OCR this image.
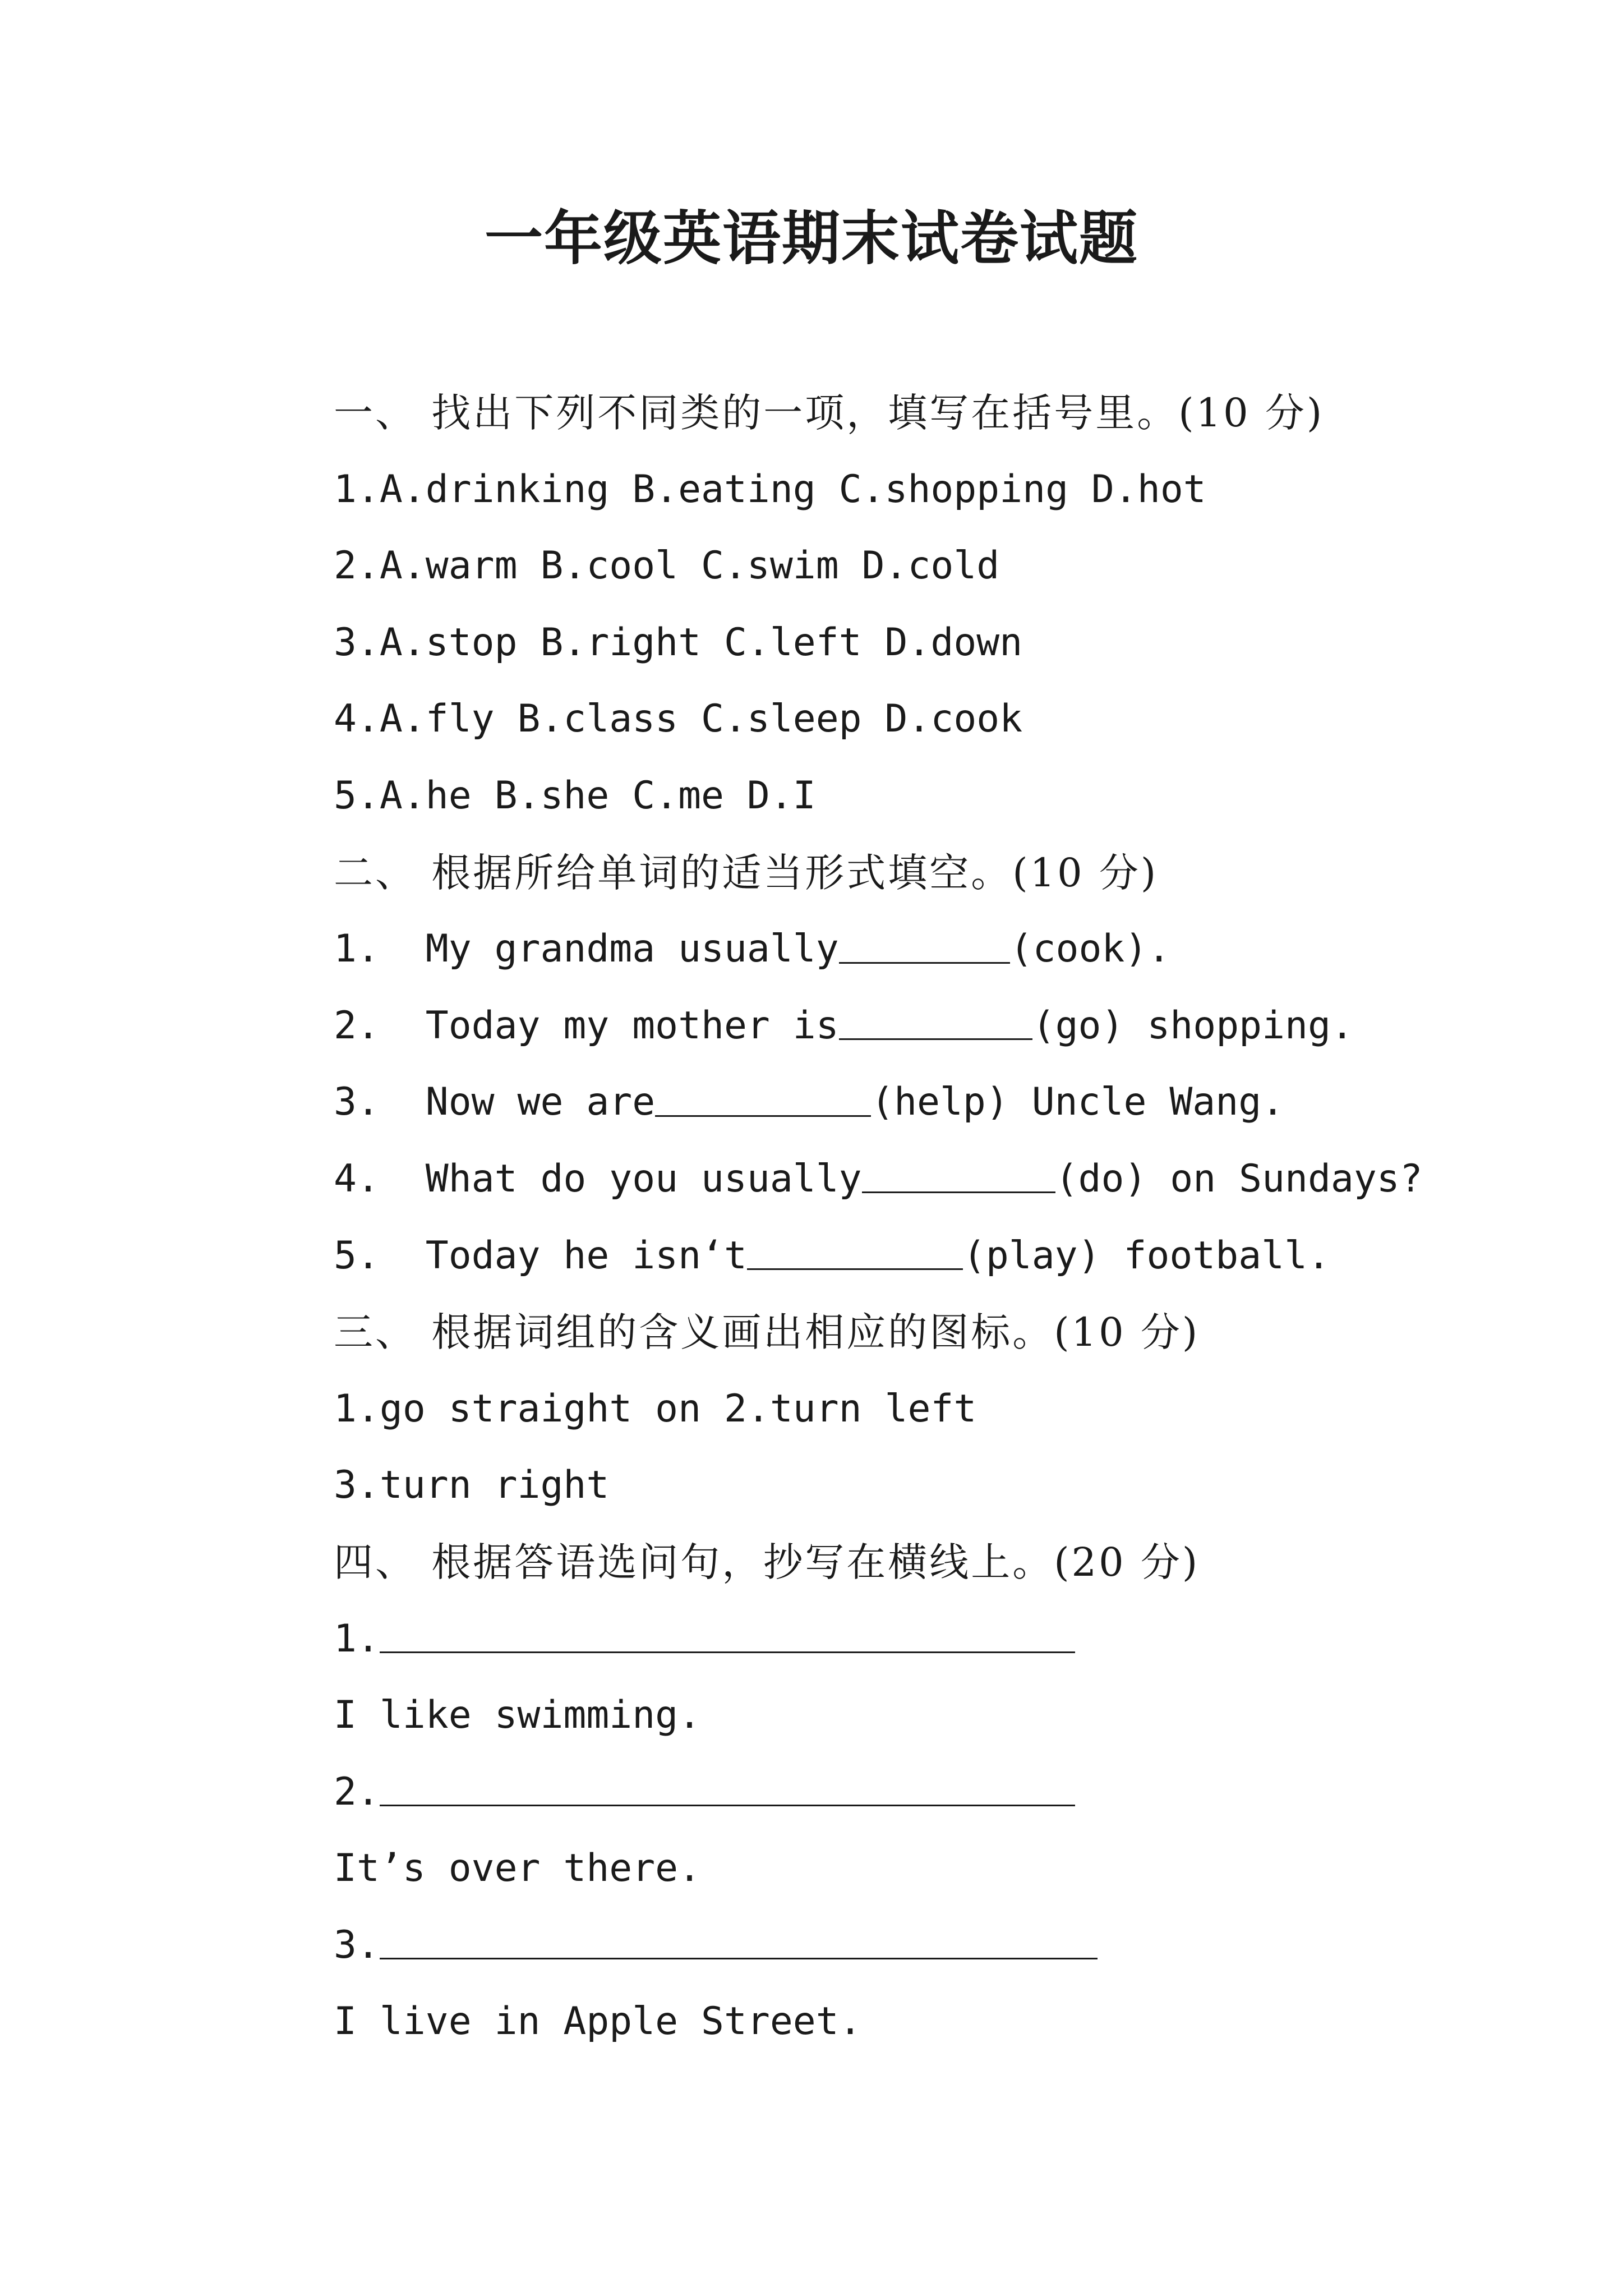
一年级英语期末试卷试题
一、 找出下列不同类的一项，填写在括号里。(10 分)
1.A.drinking B.eating C.shopping D.hot
2.A.warm B.cool C.swim D.cold
3.A.stop B.right C.left D.down
4.A.fly B.class C.sleep D.cook
5.A.he B.she C.me D.I
二、 根据所给单词的适当形式填空。(10 分)
1.  My grandma usually	(cook).
2.  Today my mother is	(go) shopping.
3.  Now we are	(help) Uncle Wang.
4.  What do you usually	(do) on Sundays?
5.  Today he isn‘t	(play) football.
三、 根据词组的含义画出相应的图标。(10 分)
1.go straight on 2.turn left
3.turn right
四、 根据答语选问句，抄写在横线上。(20 分)
1.
I like swimming.
2.
It’s over there.
3.
I live in Apple Street.
